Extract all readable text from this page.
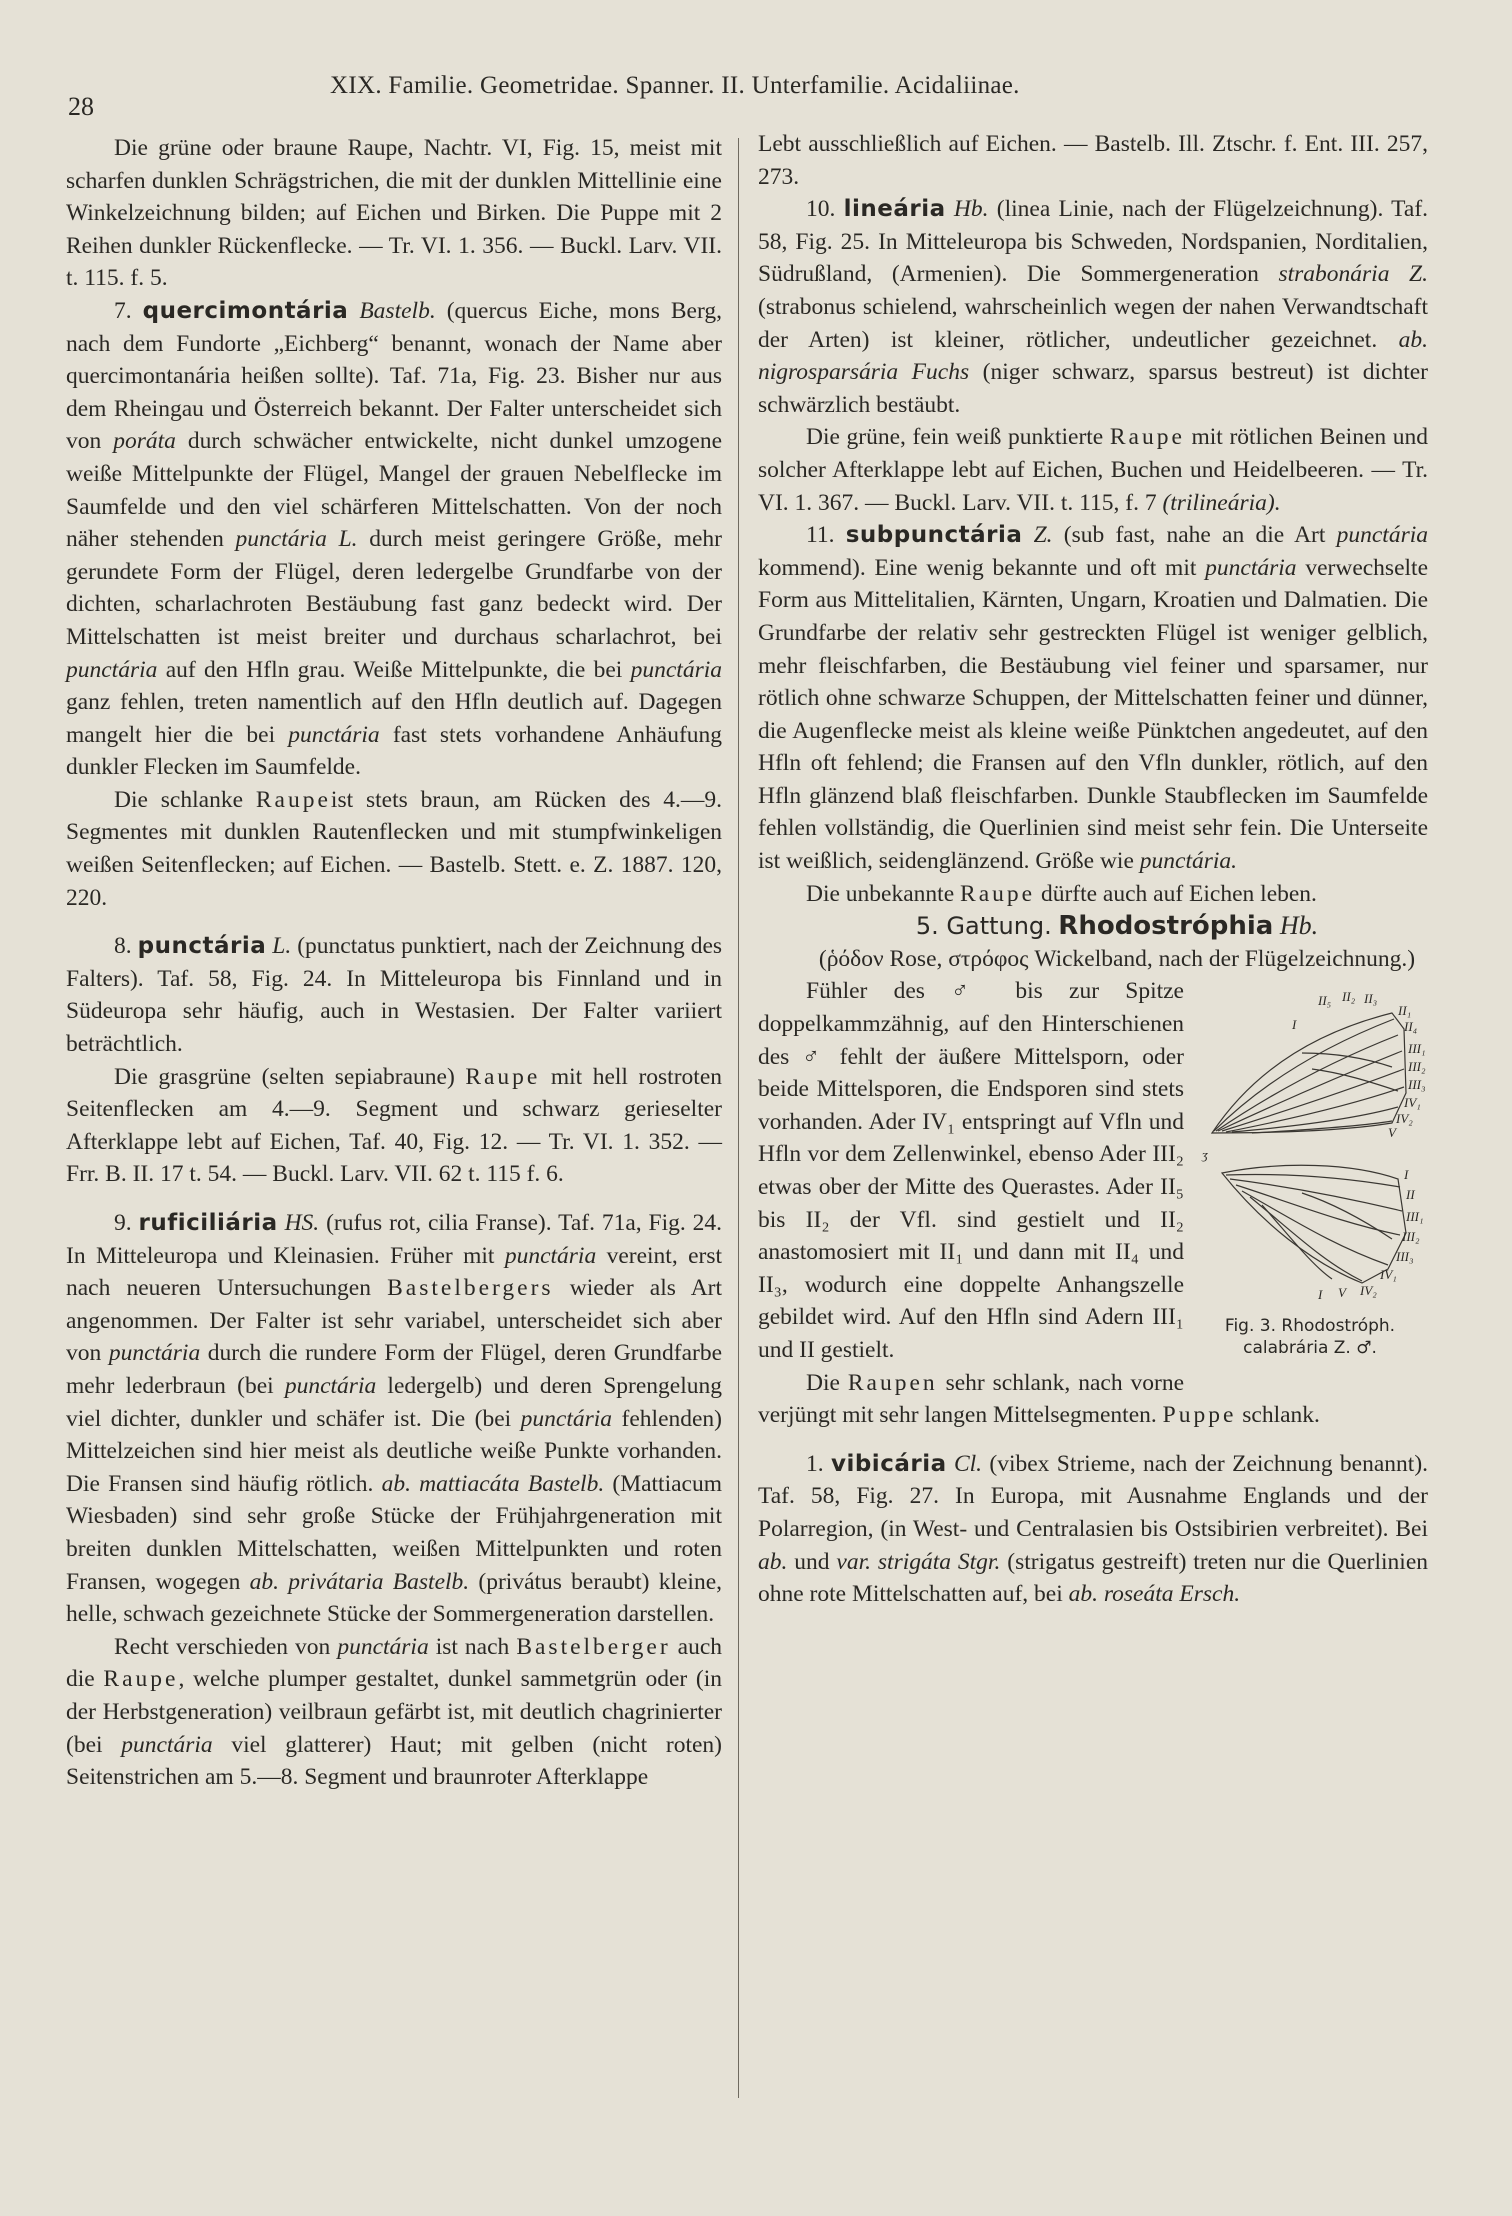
28
XIX. Familie. Geometridae. Spanner. II. Unterfamilie. Acidaliinae.

Die grüne oder braune Raupe, Nachtr. VI, Fig. 15, meist mit scharfen dunklen Schrägstrichen, die mit der dunklen Mittellinie eine Winkelzeichnung bilden; auf Eichen und Birken. Die Puppe mit 2 Reihen dunkler Rückenflecke. — Tr. VI. 1. 356. — Buckl. Larv. VII. t. 115. f. 5.

7. quercimontária Bastelb. (quercus Eiche, mons Berg, nach dem Fundorte „Eichberg“ benannt, wonach der Name aber quercimontanária heißen sollte). Taf. 71a, Fig. 23. Bisher nur aus dem Rheingau und Österreich bekannt. Der Falter unterscheidet sich von poráta durch schwächer entwickelte, nicht dunkel umzogene weiße Mittelpunkte der Flügel, Mangel der grauen Nebelflecke im Saumfelde und den viel schärferen Mittelschatten. Von der noch näher stehenden punctária L. durch meist geringere Größe, mehr gerundete Form der Flügel, deren ledergelbe Grundfarbe von der dichten, scharlachroten Bestäubung fast ganz bedeckt wird. Der Mittelschatten ist meist breiter und durchaus scharlachrot, bei punctária auf den Hfln grau. Weiße Mittelpunkte, die bei punctária ganz fehlen, treten namentlich auf den Hfln deutlich auf. Dagegen mangelt hier die bei punctária fast stets vorhandene Anhäufung dunkler Flecken im Saumfelde.

Die schlanke Raupeist stets braun, am Rücken des 4.—9. Segmentes mit dunklen Rautenflecken und mit stumpfwinkeligen weißen Seitenflecken; auf Eichen. — Bastelb. Stett. e. Z. 1887. 120, 220.

8. punctária L. (punctatus punktiert, nach der Zeichnung des Falters). Taf. 58, Fig. 24. In Mitteleuropa bis Finnland und in Südeuropa sehr häufig, auch in Westasien. Der Falter variiert beträchtlich.

Die grasgrüne (selten sepiabraune) Raupe mit hell rostroten Seitenflecken am 4.—9. Segment und schwarz gerieselter Afterklappe lebt auf Eichen, Taf. 40, Fig. 12. — Tr. VI. 1. 352. — Frr. B. II. 17 t. 54. — Buckl. Larv. VII. 62 t. 115 f. 6.

9. ruficiliária HS. (rufus rot, cilia Franse). Taf. 71a, Fig. 24. In Mitteleuropa und Kleinasien. Früher mit punctária vereint, erst nach neueren Untersuchungen Bastelbergers wieder als Art angenommen. Der Falter ist sehr variabel, unterscheidet sich aber von punctária durch die rundere Form der Flügel, deren Grundfarbe mehr lederbraun (bei punctária ledergelb) und deren Sprengelung viel dichter, dunkler und schäfer ist. Die (bei punctária fehlenden) Mittelzeichen sind hier meist als deutliche weiße Punkte vorhanden. Die Fransen sind häufig rötlich. ab. mattiacáta Bastelb. (Mattiacum Wiesbaden) sind sehr große Stücke der Frühjahrgeneration mit breiten dunklen Mittelschatten, weißen Mittelpunkten und roten Fransen, wogegen ab. privátaria Bastelb. (privátus beraubt) kleine, helle, schwach gezeichnete Stücke der Sommergeneration darstellen.

Recht verschieden von punctária ist nach Bastelberger auch die Raupe, welche plumper gestaltet, dunkel sammetgrün oder (in der Herbstgeneration) veilbraun gefärbt ist, mit deutlich chagrinierter (bei punctária viel glatterer) Haut; mit gelben (nicht roten) Seitenstrichen am 5.—8. Segment und braunroter Afterklappe

Lebt ausschließlich auf Eichen. — Bastelb. Ill. Ztschr. f. Ent. III. 257, 273.

10. lineária Hb. (linea Linie, nach der Flügelzeichnung). Taf. 58, Fig. 25. In Mitteleuropa bis Schweden, Nordspanien, Norditalien, Südrußland, (Armenien). Die Sommergeneration strabonária Z. (strabonus schielend, wahrscheinlich wegen der nahen Verwandtschaft der Arten) ist kleiner, rötlicher, undeutlicher gezeichnet. ab. nigrosparsária Fuchs (niger schwarz, sparsus bestreut) ist dichter schwärzlich bestäubt.

Die grüne, fein weiß punktierte Raupe mit rötlichen Beinen und solcher Afterklappe lebt auf Eichen, Buchen und Heidelbeeren. — Tr. VI. 1. 367. — Buckl. Larv. VII. t. 115, f. 7 (trilineária).

11. subpunctária Z. (sub fast, nahe an die Art punctária kommend). Eine wenig bekannte und oft mit punctária verwechselte Form aus Mittelitalien, Kärnten, Ungarn, Kroatien und Dalmatien. Die Grundfarbe der relativ sehr gestreckten Flügel ist weniger gelblich, mehr fleischfarben, die Bestäubung viel feiner und sparsamer, nur rötlich ohne schwarze Schuppen, der Mittelschatten feiner und dünner, die Augenflecke meist als kleine weiße Pünktchen angedeutet, auf den Hfln oft fehlend; die Fransen auf den Vfln dunkler, rötlich, auf den Hfln glänzend blaß fleischfarben. Dunkle Staubflecken im Saumfelde fehlen vollständig, die Querlinien sind meist sehr fein. Die Unterseite ist weißlich, seidenglänzend. Größe wie punctária.

Die unbekannte Raupe dürfte auch auf Eichen leben.

5. Gattung. Rhodostróphia Hb.

(ῥόδον Rose, στρόφος Wickelband, nach der Flügelzeichnung.)

II₅ II₂ II₃
II₁
II₄
I
III₁
III₂
III₃
IV₁
IV₂
V
I
II
III₁
III₂
III₃
IV₁
IV₂
V
I
ʒ
Fig. 3. Rhodostróph.
calabrária Z. ♂.

Fühler des ♂ bis zur Spitze doppelkammzähnig, auf den Hinterschienen des ♂ fehlt der äußere Mittelsporn, oder beide Mittelsporen, die Endsporen sind stets vorhanden. Ader IV₁ entspringt auf Vfln und Hfln vor dem Zellenwinkel, ebenso Ader III₂ etwas ober der Mitte des Querastes. Ader II₅ bis II₂ der Vfl. sind gestielt und II₂ anastomosiert mit II₁ und dann mit II₄ und II₃, wodurch eine doppelte Anhangszelle gebildet wird. Auf den Hfln sind Adern III₁ und II gestielt.

Die Raupen sehr schlank, nach vorne verjüngt mit sehr langen Mittelsegmenten. Puppe schlank.

1. vibicária Cl. (vibex Strieme, nach der Zeichnung benannt). Taf. 58, Fig. 27. In Europa, mit Ausnahme Englands und der Polarregion, (in West- und Centralasien bis Ostsibirien verbreitet). Bei ab. und var. strigáta Stgr. (strigatus gestreift) treten nur die Querlinien ohne rote Mittelschatten auf, bei ab. roseáta Ersch.
